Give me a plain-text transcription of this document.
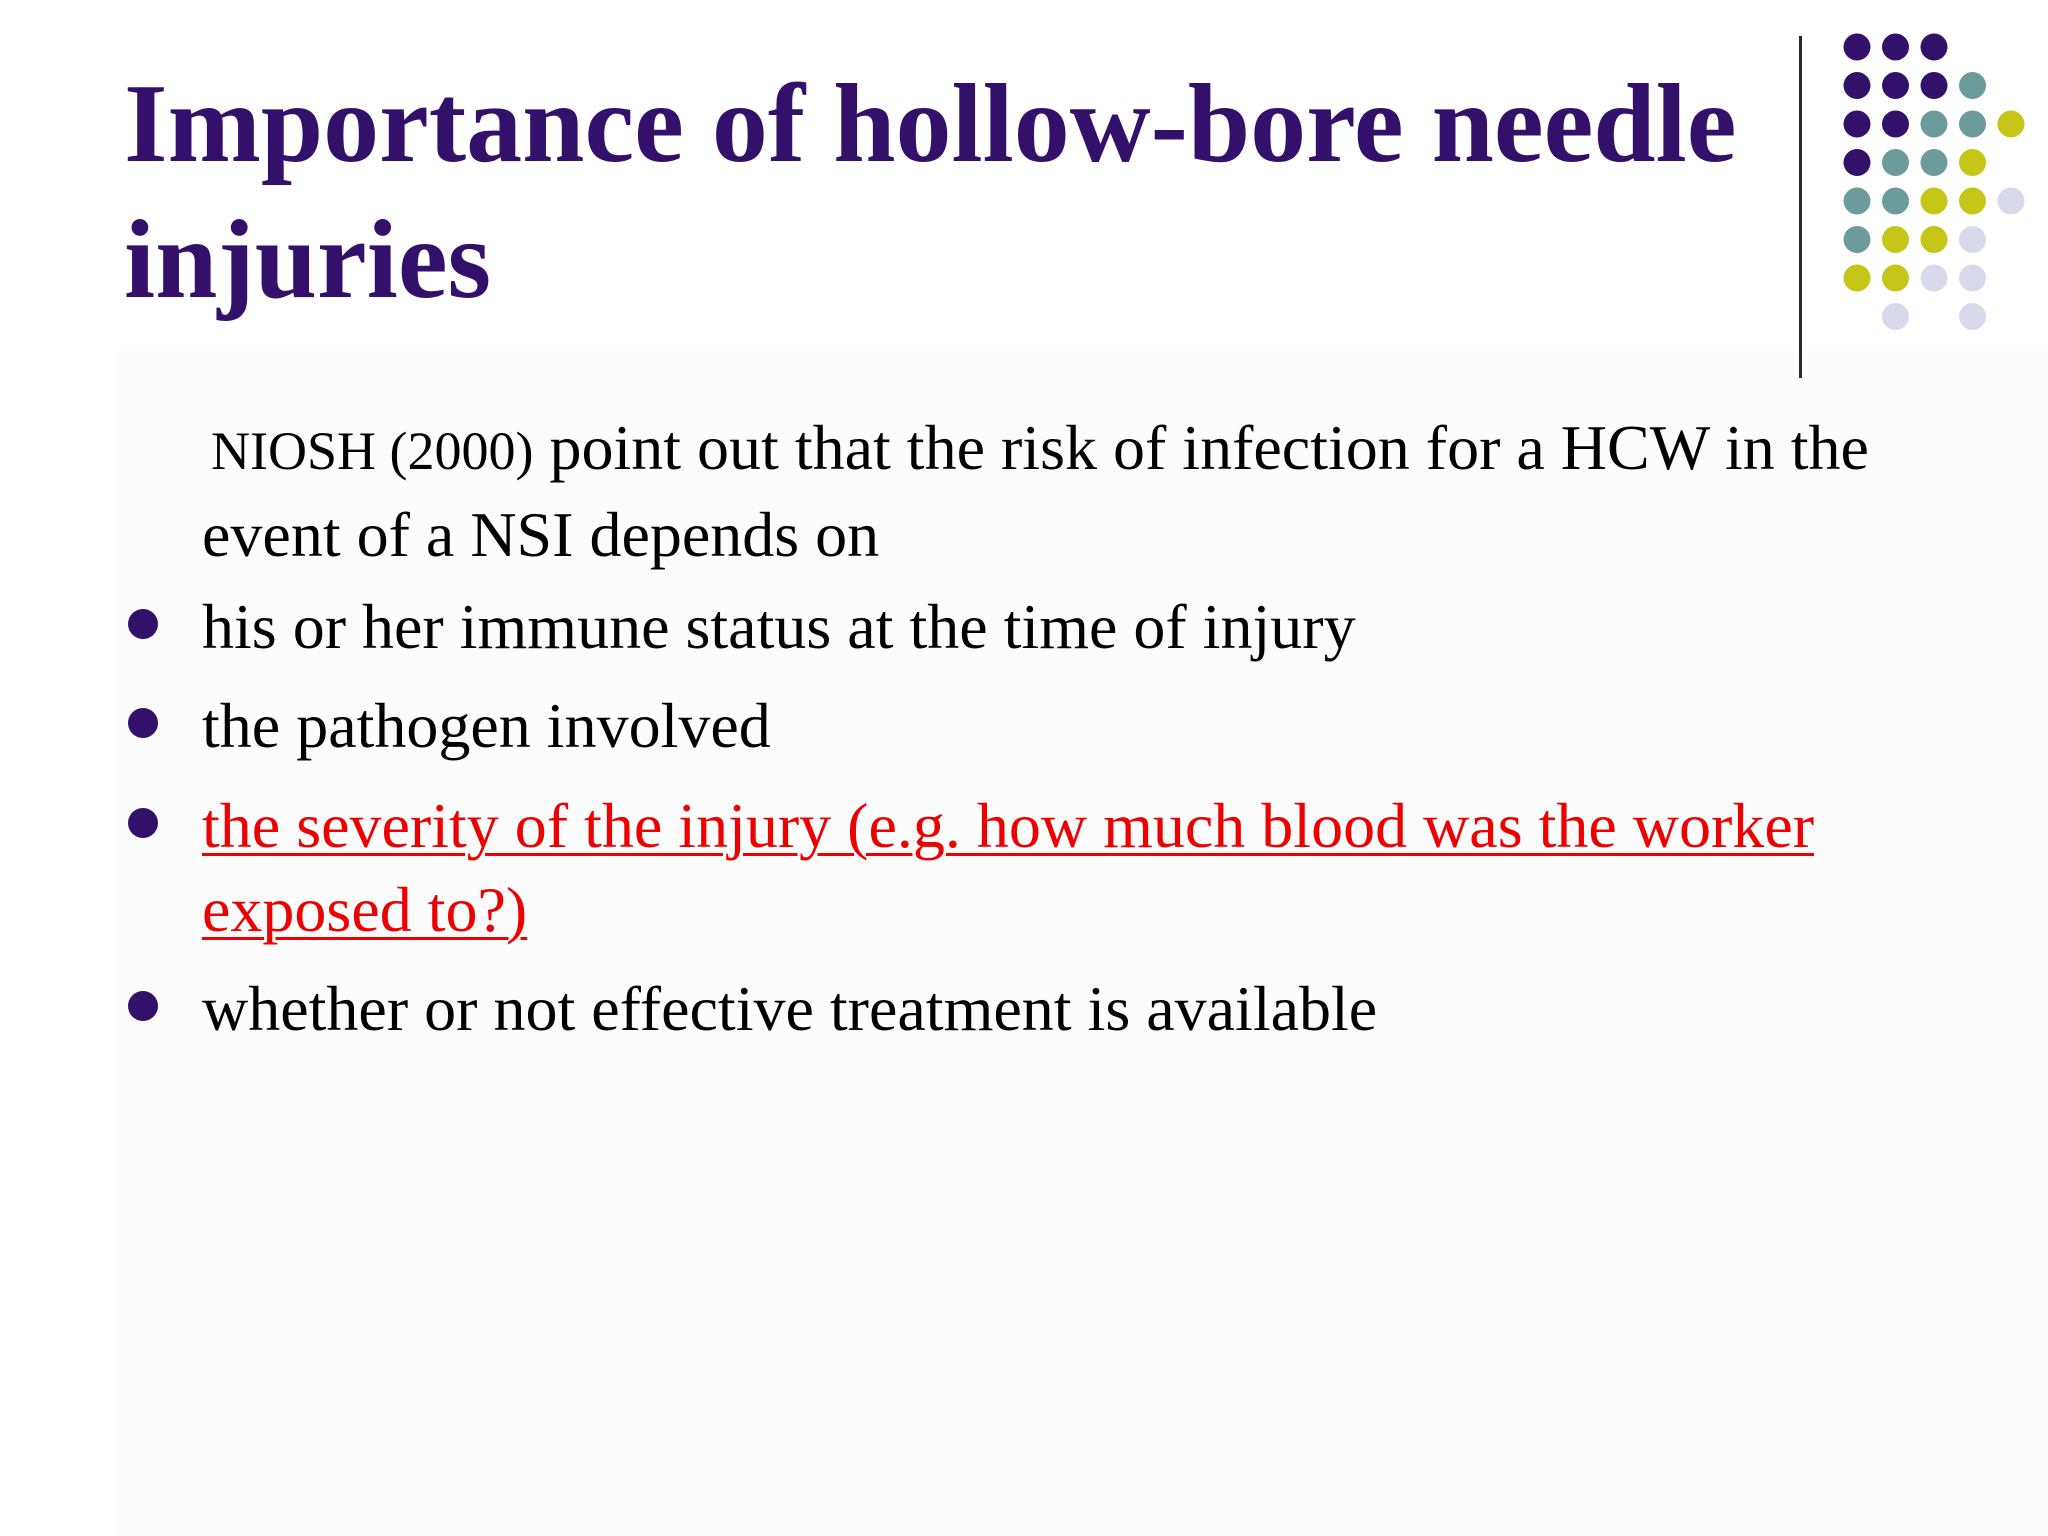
Importance of hollow-bore needle injuries

NIOSH (2000) point out that the risk of infection for a HCW in the event of a NSI depends on

his or her immune status at the time of injury

the pathogen involved

the severity of the injury (e.g. how much blood was the worker exposed to?)

whether or not effective treatment is available
